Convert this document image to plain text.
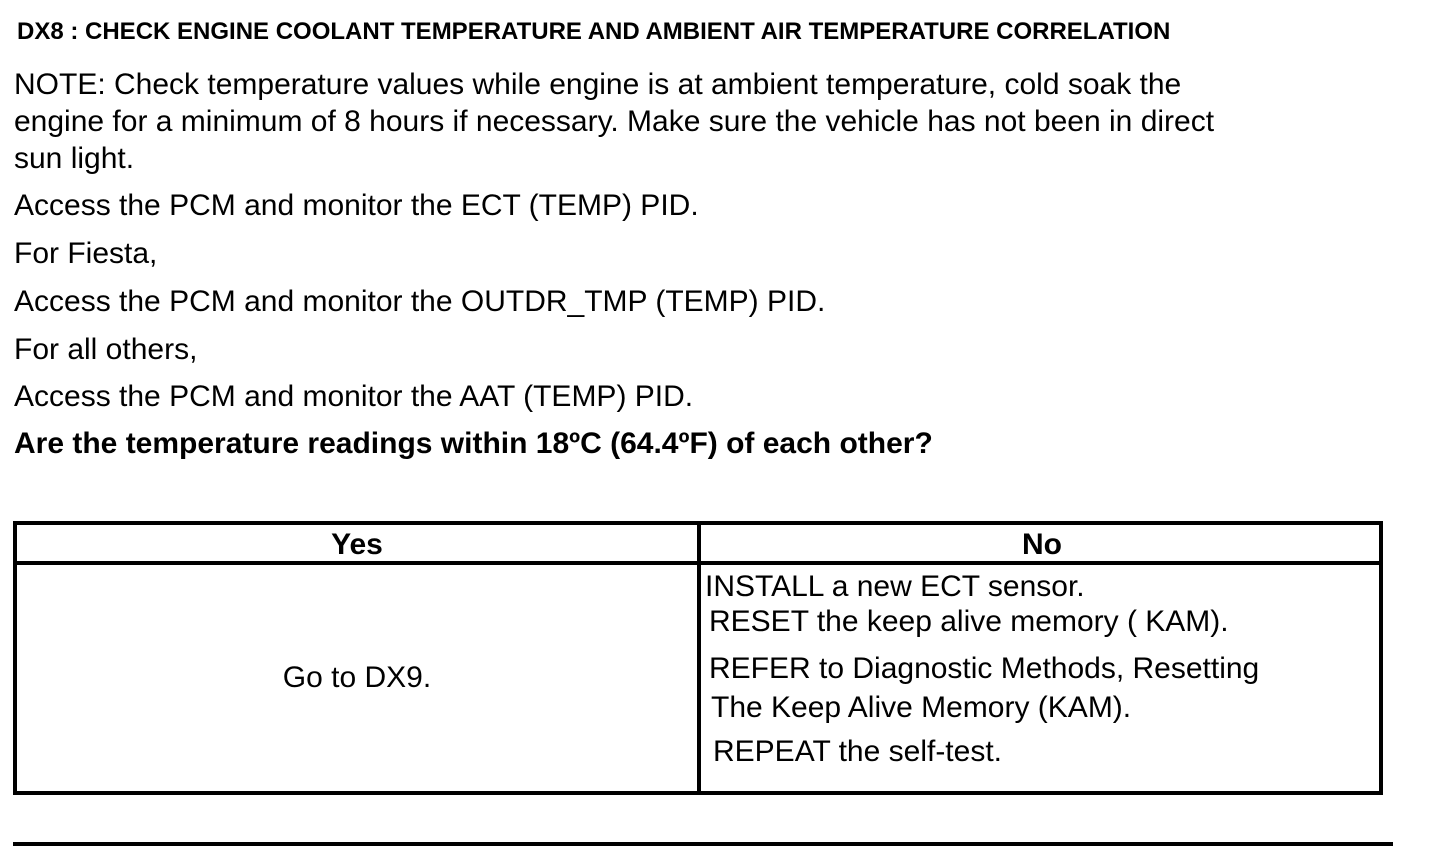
DX8 : CHECK ENGINE COOLANT TEMPERATURE AND AMBIENT AIR TEMPERATURE CORRELATION
NOTE: Check temperature values while engine is at ambient temperature, cold soak the
engine for a minimum of 8 hours if necessary. Make sure the vehicle has not been in direct
sun light.
Access the PCM and monitor the ECT (TEMP) PID.
For Fiesta,
Access the PCM and monitor the OUTDR_TMP (TEMP) PID.
For all others,
Access the PCM and monitor the AAT (TEMP) PID.
Are the temperature readings within 18ºC (64.4ºF) of each other?
Yes	No
Go to DX9.
INSTALL a new ECT sensor.
RESET the keep alive memory ( KAM).
REFER to Diagnostic Methods, Resetting
The Keep Alive Memory (KAM).
REPEAT the self-test.
